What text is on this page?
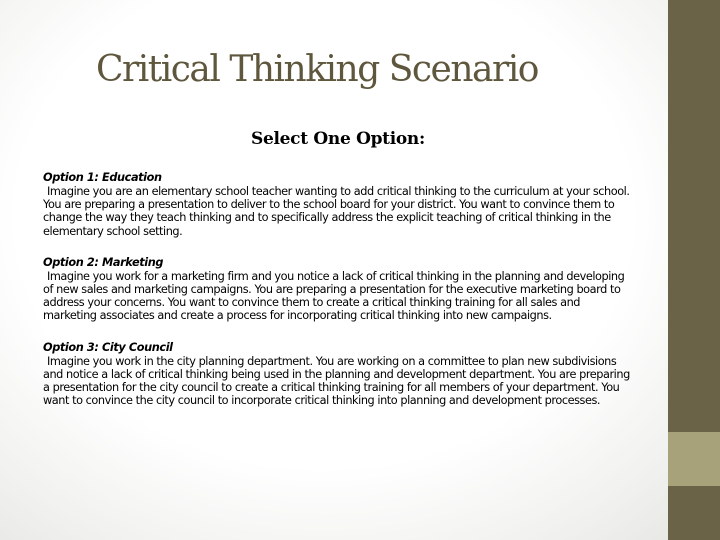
Critical Thinking Scenario
Select One Option:

Option 1: Education

Imagine you are an elementary school teacher wanting to add critical thinking to the curriculum at your school. You are preparing a presentation to deliver to the school board for your district. You want to convince them to change the way they teach thinking and to specifically address the explicit teaching of critical thinking in the elementary school setting.

Option 2: Marketing

Imagine you work for a marketing firm and you notice a lack of critical thinking in the planning and developing of new sales and marketing campaigns. You are preparing a presentation for the executive marketing board to address your concerns. You want to convince them to create a critical thinking training for all sales and marketing associates and create a process for incorporating critical thinking into new campaigns.

Option 3: City Council

Imagine you work in the city planning department. You are working on a committee to plan new subdivisions and notice a lack of critical thinking being used in the planning and development department. You are preparing a presentation for the city council to create a critical thinking training for all members of your department. You want to convince the city council to incorporate critical thinking into planning and development processes.
